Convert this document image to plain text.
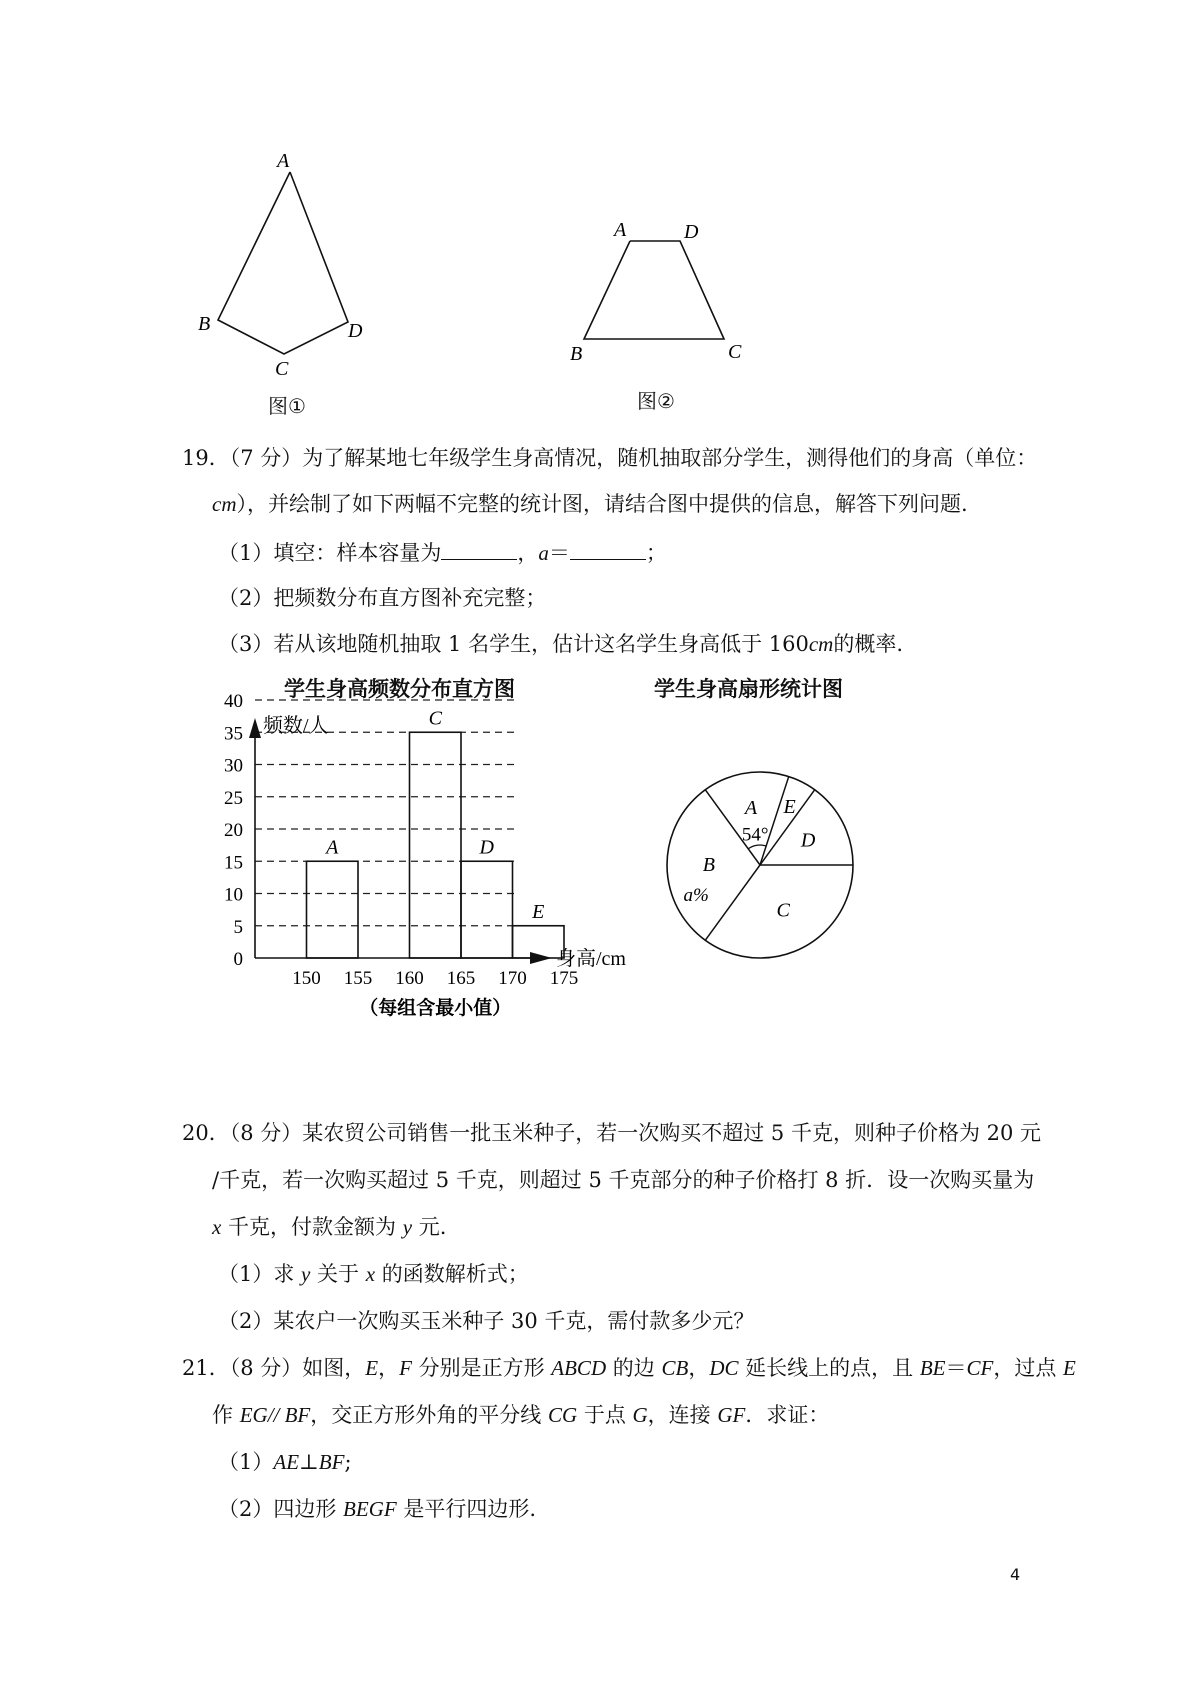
A
B
C
D
图①
A	D
B	C
图②
19．（7 分）为了解某地七年级学生身高情况，随机抽取部分学生，测得他们的身高（单位：
cm），并绘制了如下两幅不完整的统计图，请结合图中提供的信息，解答下列问题.
（1）填空：样本容量为	，a＝	；
（2）把频数分布直方图补充完整；
（3）若从该地随机抽取 1 名学生，估计这名学生身高低于 160cm的概率.
学生身高频数分布直方图	学生身高扇形统计图
0
5
10
15
20
25
30
35
40
频数/人
身高/cm
150 155 160 165 170 175
A
C
D
E
（每组含最小值）
D
E
A
54°
B
a%
C
20．（8 分）某农贸公司销售一批玉米种子，若一次购买不超过 5 千克，则种子价格为 20 元
/千克，若一次购买超过 5 千克，则超过 5 千克部分的种子价格打 8 折．设一次购买量为
x 千克，付款金额为 y 元.
（1）求 y 关于 x 的函数解析式；
（2）某农户一次购买玉米种子 30 千克，需付款多少元？
21．（8 分）如图，E，F 分别是正方形 ABCD 的边 CB，DC 延长线上的点，且 BE＝CF，过点 E
作 EG// BF，交正方形外角的平分线 CG 于点 G，连接 GF．求证：
（1）AE⊥BF;
（2）四边形 BEGF 是平行四边形.
4
